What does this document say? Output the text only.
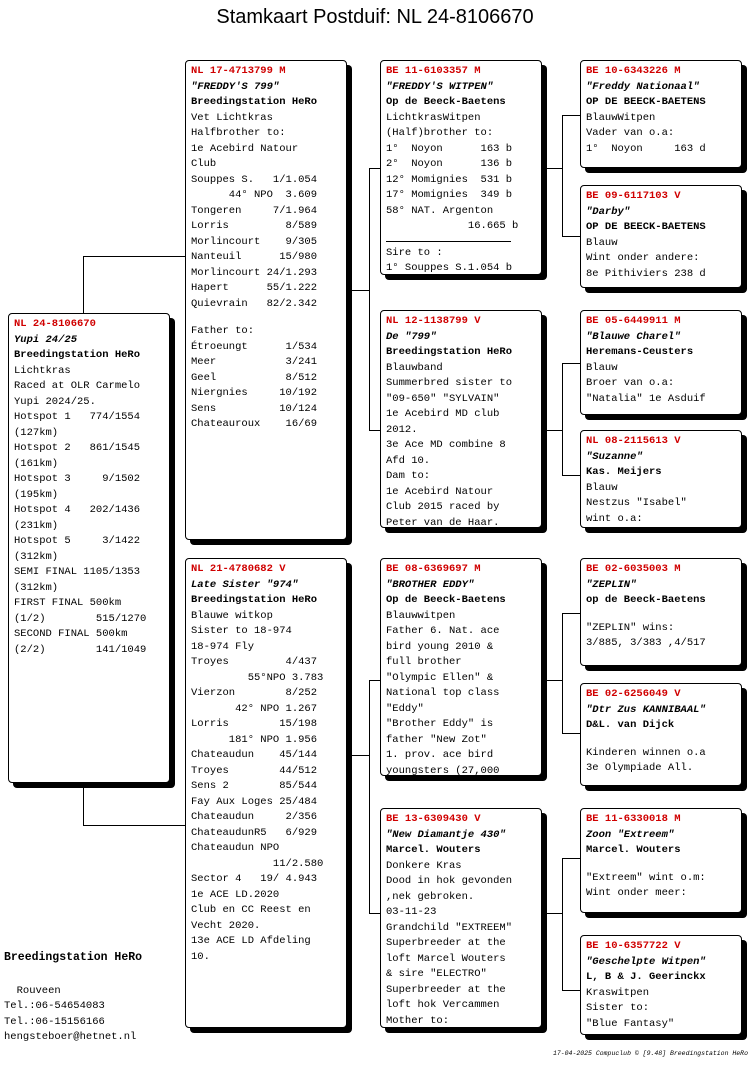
Stamkaart Postduif: NL 24-8106670
NL 24-8106670
Yupi 24/25
Breedingstation HeRo
Lichtkras
Raced at OLR Carmelo
Yupi 2024/25.
Hotspot 1   774/1554
(127km)
Hotspot 2   861/1545
(161km)
Hotspot 3     9/1502
(195km)
Hotspot 4   202/1436
(231km)
Hotspot 5     3/1422
(312km)
SEMI FINAL 1105/1353
(312km)
FIRST FINAL 500km
(1/2)        515/1270
SECOND FINAL 500km
(2/2)        141/1049
NL 17-4713799 M
"FREDDY'S 799"
Breedingstation HeRo
Vet Lichtkras
Halfbrother to:
1e Acebird Natour
Club
Souppes S.   1/1.054
44° NPO  3.609
Tongeren     7/1.964
Lorris         8/589
Morlincourt    9/305
Nanteuil      15/980
Morlincourt 24/1.293
Hapert      55/1.222
Quievrain   82/2.342
Father to:
Étroeungt      1/534
Meer           3/241
Geel           8/512
Niergnies     10/192
Sens          10/124
Chateauroux    16/69
NL 21-4780682 V
Late Sister "974"
Breedingstation HeRo
Blauwe witkop
Sister to 18-974
18-974 Fly
Troyes         4/437
55°NPO 3.783
Vierzon        8/252
42° NPO 1.267
Lorris        15/198
181° NPO 1.956
Chateaudun    45/144
Troyes        44/512
Sens 2        85/544
Fay Aux Loges 25/484
Chateaudun     2/356
ChateaudunR5   6/929
Chateaudun NPO
11/2.580
Sector 4   19/ 4.943
1e ACE LD.2020
Club en CC Reest en
Vecht 2020.
13e ACE LD Afdeling
10.
BE 11-6103357 M
"FREDDY'S WITPEN"
Op de Beeck-Baetens
LichtkrasWitpen
(Half)brother to:
1°  Noyon      163 b
2°  Noyon      136 b
12° Momignies  531 b
17° Momignies  349 b
58° NAT. Argenton
16.665 b
Sire to :
1° Souppes S.1.054 b
NL 12-1138799 V
De "799"
Breedingstation HeRo
Blauwband
Summerbred sister to
"09-650" "SYLVAIN"
1e Acebird MD club
2012.
3e Ace MD combine 8
Afd 10.
Dam to:
1e Acebird Natour
Club 2015 raced by
Peter van de Haar.
BE 08-6369697 M
"BROTHER EDDY"
Op de Beeck-Baetens
Blauwwitpen
Father 6. Nat. ace
bird young 2010 &
full brother
"Olympic Ellen" &
National top class
"Eddy"
"Brother Eddy" is
father "New Zot"
1. prov. ace bird
youngsters (27,000
BE 13-6309430 V
"New Diamantje 430"
Marcel. Wouters
Donkere Kras
Dood in hok gevonden
,nek gebroken.
03-11-23
Grandchild "EXTREEM"
Superbreeder at the
loft Marcel Wouters
& sire "ELECTRO"
Superbreeder at the
loft hok Vercammen
Mother to:
BE 10-6343226 M
"Freddy Nationaal"
OP DE BEECK-BAETENS
BlauwWitpen
Vader van o.a:
1°  Noyon     163 d
BE 09-6117103 V
"Darby"
OP DE BEECK-BAETENS
Blauw
Wint onder andere:
8e Pithiviers 238 d
BE 05-6449911 M
"Blauwe Charel"
Heremans-Ceusters
Blauw
Broer van o.a:
"Natalia" 1e Asduif
NL 08-2115613 V
"Suzanne"
Kas. Meijers
Blauw
Nestzus "Isabel"
wint o.a:
BE 02-6035003 M
"ZEPLIN"
op de Beeck-Baetens
"ZEPLIN" wins:
3/885, 3/383 ,4/517
BE 02-6256049 V
"Dtr Zus KANNIBAAL"
D&L. van Dijck
Kinderen winnen o.a
3e Olympiade All.
BE 11-6330018 M
Zoon "Extreem"
Marcel. Wouters
"Extreem" wint o.m:
Wint onder meer:
BE 10-6357722 V
"Geschelpte Witpen"
L, B & J. Geerinckx
Kraswitpen
Sister to:
"Blue Fantasy"
Breedingstation HeRo
Rouveen
Tel.:06-54654083
Tel.:06-15156166
hengsteboer@hetnet.nl
17-04-2025 Compuclub © [9.48] Breedingstation HeRo
